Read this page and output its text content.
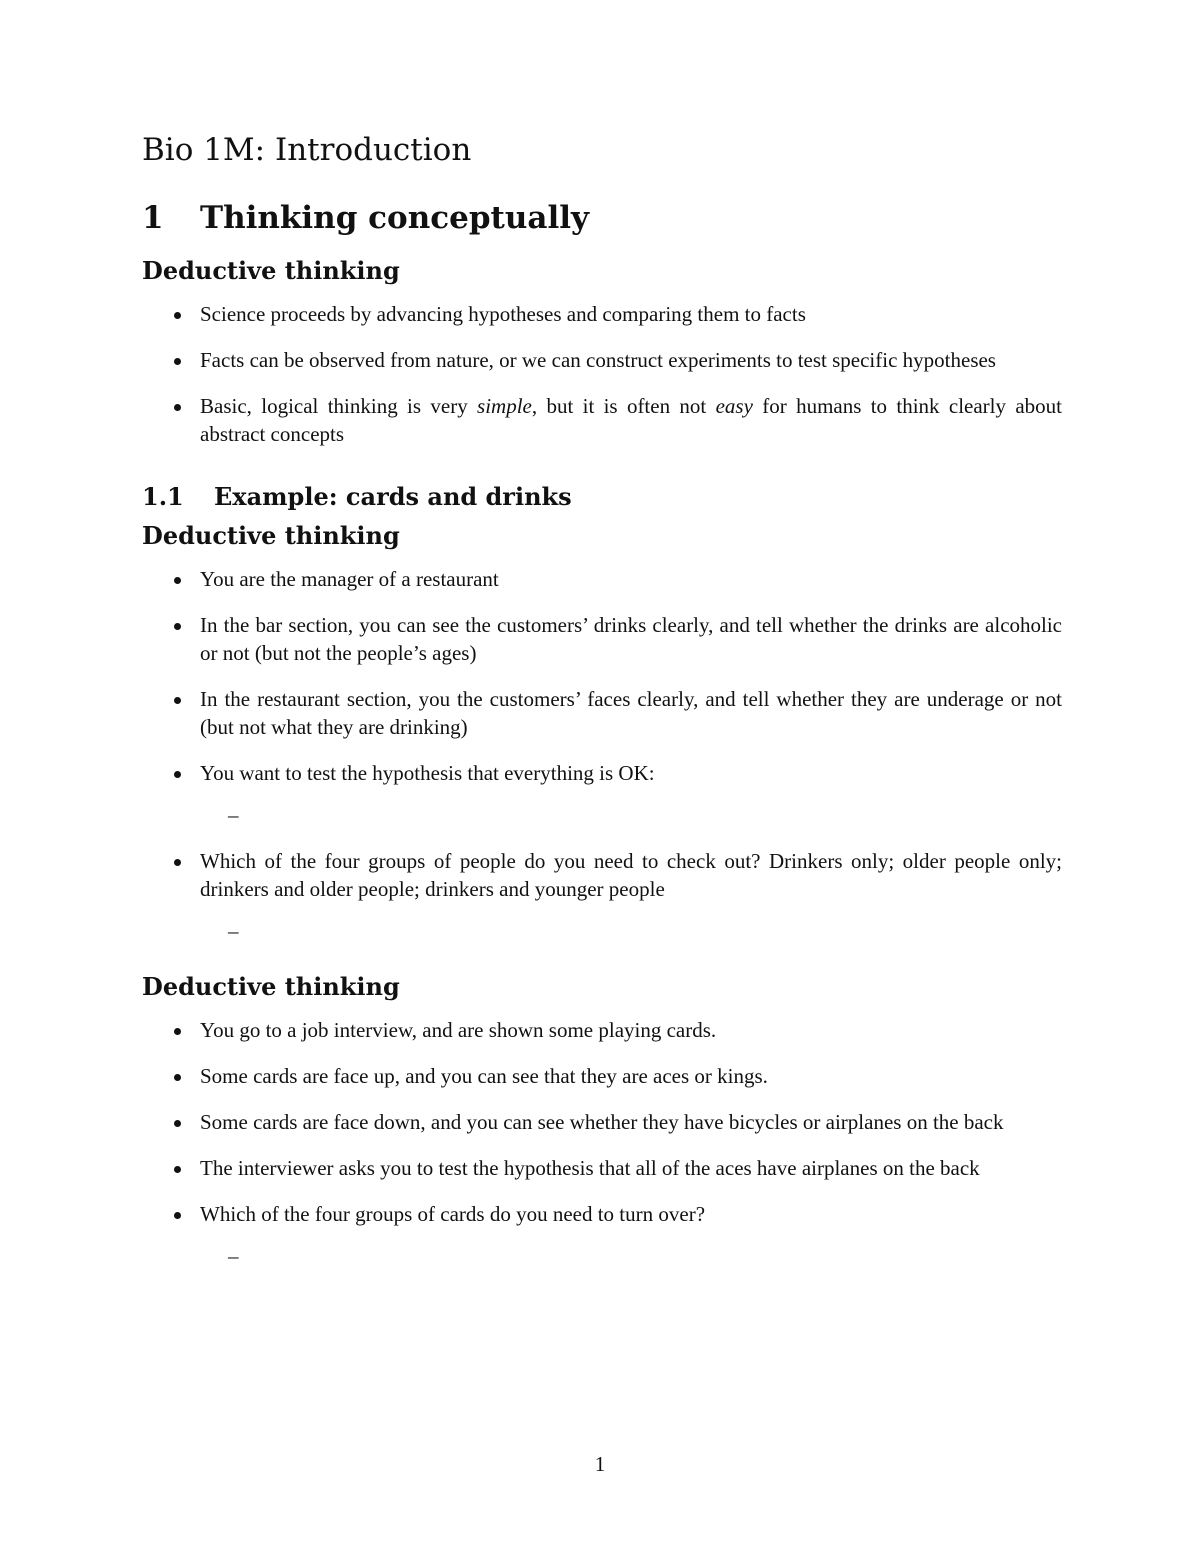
Bio 1M: Introduction
1	Thinking conceptually
Deductive thinking
Science proceeds by advancing hypotheses and comparing them to facts
Facts can be observed from nature, or we can construct experiments to test specific hypotheses
Basic, logical thinking is very simple, but it is often not easy for humans to think clearly about abstract concepts
1.1	Example: cards and drinks
Deductive thinking
You are the manager of a restaurant
In the bar section, you can see the customers’ drinks clearly, and tell whether the drinks are alcoholic or not (but not the people’s ages)
In the restaurant section, you the customers’ faces clearly, and tell whether they are underage or not (but not what they are drinking)
You want to test the hypothesis that everything is OK:
–
Which of the four groups of people do you need to check out? Drinkers only; older people only; drinkers and older people; drinkers and younger people
–
Deductive thinking
You go to a job interview, and are shown some playing cards.
Some cards are face up, and you can see that they are aces or kings.
Some cards are face down, and you can see whether they have bicycles or airplanes on the back
The interviewer asks you to test the hypothesis that all of the aces have airplanes on the back
Which of the four groups of cards do you need to turn over?
–
1
